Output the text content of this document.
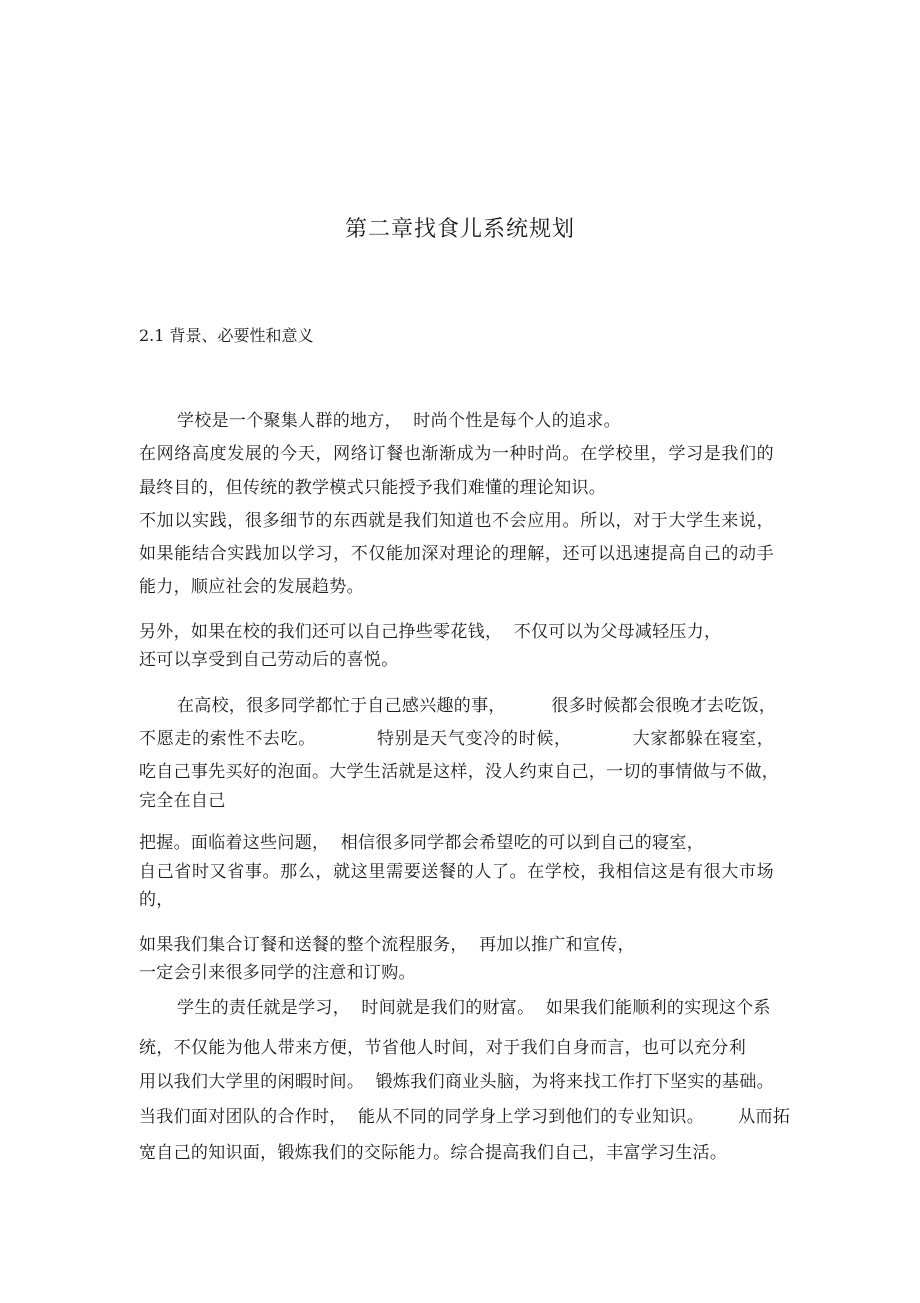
第二章找食儿系统规划
2.1 背景、必要性和意义
学校是一个聚集人群的地方，  时尚个性是每个人的追求。
在网络高度发展的今天，网络订餐也渐渐成为一种时尚。在学校里，学习是我们的
最终目的，但传统的教学模式只能授予我们难懂的理论知识。
不加以实践，很多细节的东西就是我们知道也不会应用。所以，对于大学生来说，
如果能结合实践加以学习，不仅能加深对理论的理解，还可以迅速提高自己的动手
能力，顺应社会的发展趋势。
另外，如果在校的我们还可以自己挣些零花钱，  不仅可以为父母减轻压力，
还可以享受到自己劳动后的喜悦。
在高校，很多同学都忙于自己感兴趣的事，        很多时候都会很晚才去吃饭，
不愿走的索性不去吃。          特别是天气变冷的时候，          大家都躲在寝室，
吃自己事先买好的泡面。大学生活就是这样，没人约束自己，一切的事情做与不做，
完全在自己
把握。面临着这些问题，  相信很多同学都会希望吃的可以到自己的寝室，
自己省时又省事。那么，就这里需要送餐的人了。在学校，我相信这是有很大市场
的，
如果我们集合订餐和送餐的整个流程服务，  再加以推广和宣传，
一定会引来很多同学的注意和订购。
学生的责任就是学习，  时间就是我们的财富。  如果我们能顺利的实现这个系
统，不仅能为他人带来方便，节省他人时间，对于我们自身而言，也可以充分利
用以我们大学里的闲暇时间。  锻炼我们商业头脑，为将来找工作打下坚实的基础。
当我们面对团队的合作时，  能从不同的同学身上学习到他们的专业知识。      从而拓
宽自己的知识面，锻炼我们的交际能力。综合提高我们自己，丰富学习生活。
